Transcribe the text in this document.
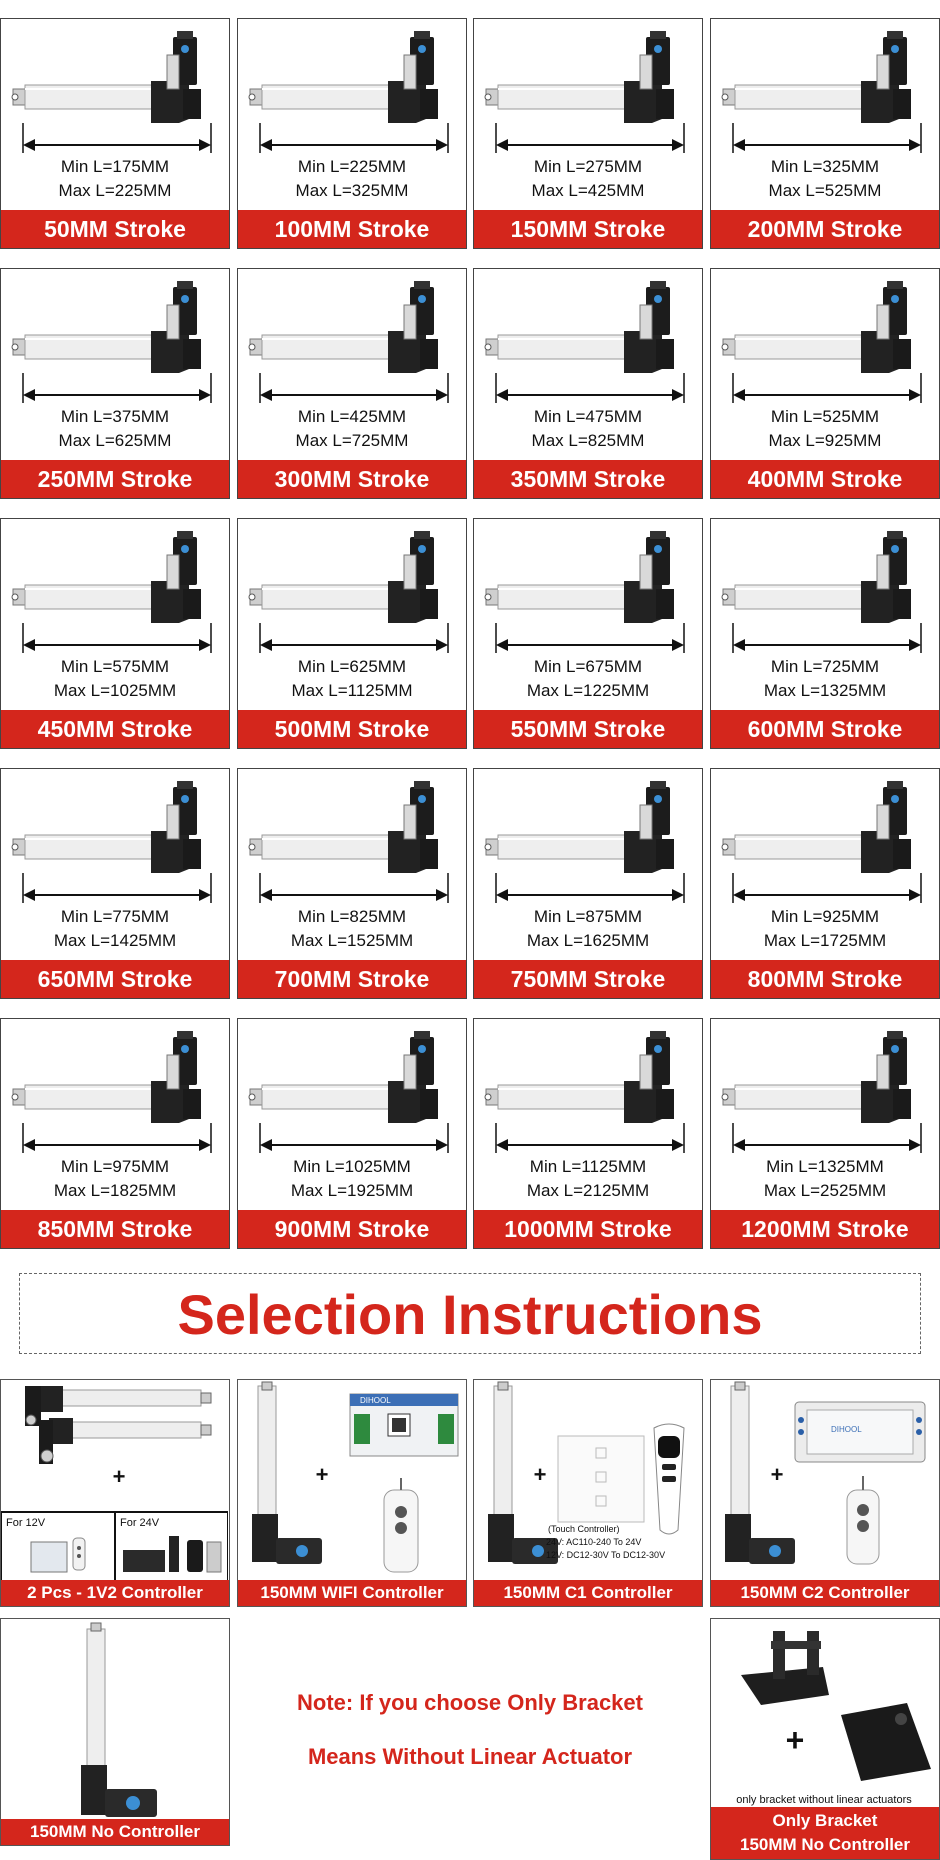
Min L=175MM
Max L=225MM
50MM Stroke
Min L=225MM
Max L=325MM
100MM Stroke
Min L=275MM
Max L=425MM
150MM Stroke
Min L=325MM
Max L=525MM
200MM Stroke
Min L=375MM
Max L=625MM
250MM Stroke
Min L=425MM
Max L=725MM
300MM Stroke
Min L=475MM
Max L=825MM
350MM Stroke
Min L=525MM
Max L=925MM
400MM Stroke
Min L=575MM
Max L=1025MM
450MM Stroke
Min L=625MM
Max L=1125MM
500MM Stroke
Min L=675MM
Max L=1225MM
550MM Stroke
Min L=725MM
Max L=1325MM
600MM Stroke
Min L=775MM
Max L=1425MM
650MM Stroke
Min L=825MM
Max L=1525MM
700MM Stroke
Min L=875MM
Max L=1625MM
750MM Stroke
Min L=925MM
Max L=1725MM
800MM Stroke
Min L=975MM
Max L=1825MM
850MM Stroke
Min L=1025MM
Max L=1925MM
900MM Stroke
Min L=1125MM
Max L=2125MM
1000MM Stroke
Min L=1325MM
Max L=2525MM
1200MM Stroke
Selection Instructions
+
For 12V	For 24V
2 Pcs - 1V2 Controller
+
DIHOOL
150MM WIFI Controller
+
(Touch Controller)
24V: AC110-240 To 24V
12V: DC12-30V To DC12-30V
150MM C1 Controller
+
DIHOOL
150MM C2 Controller
150MM No Controller
Note: If you choose Only Bracket
Means Without Linear Actuator	+
only bracket without linear actuators
Only Bracket
150MM No Controller
